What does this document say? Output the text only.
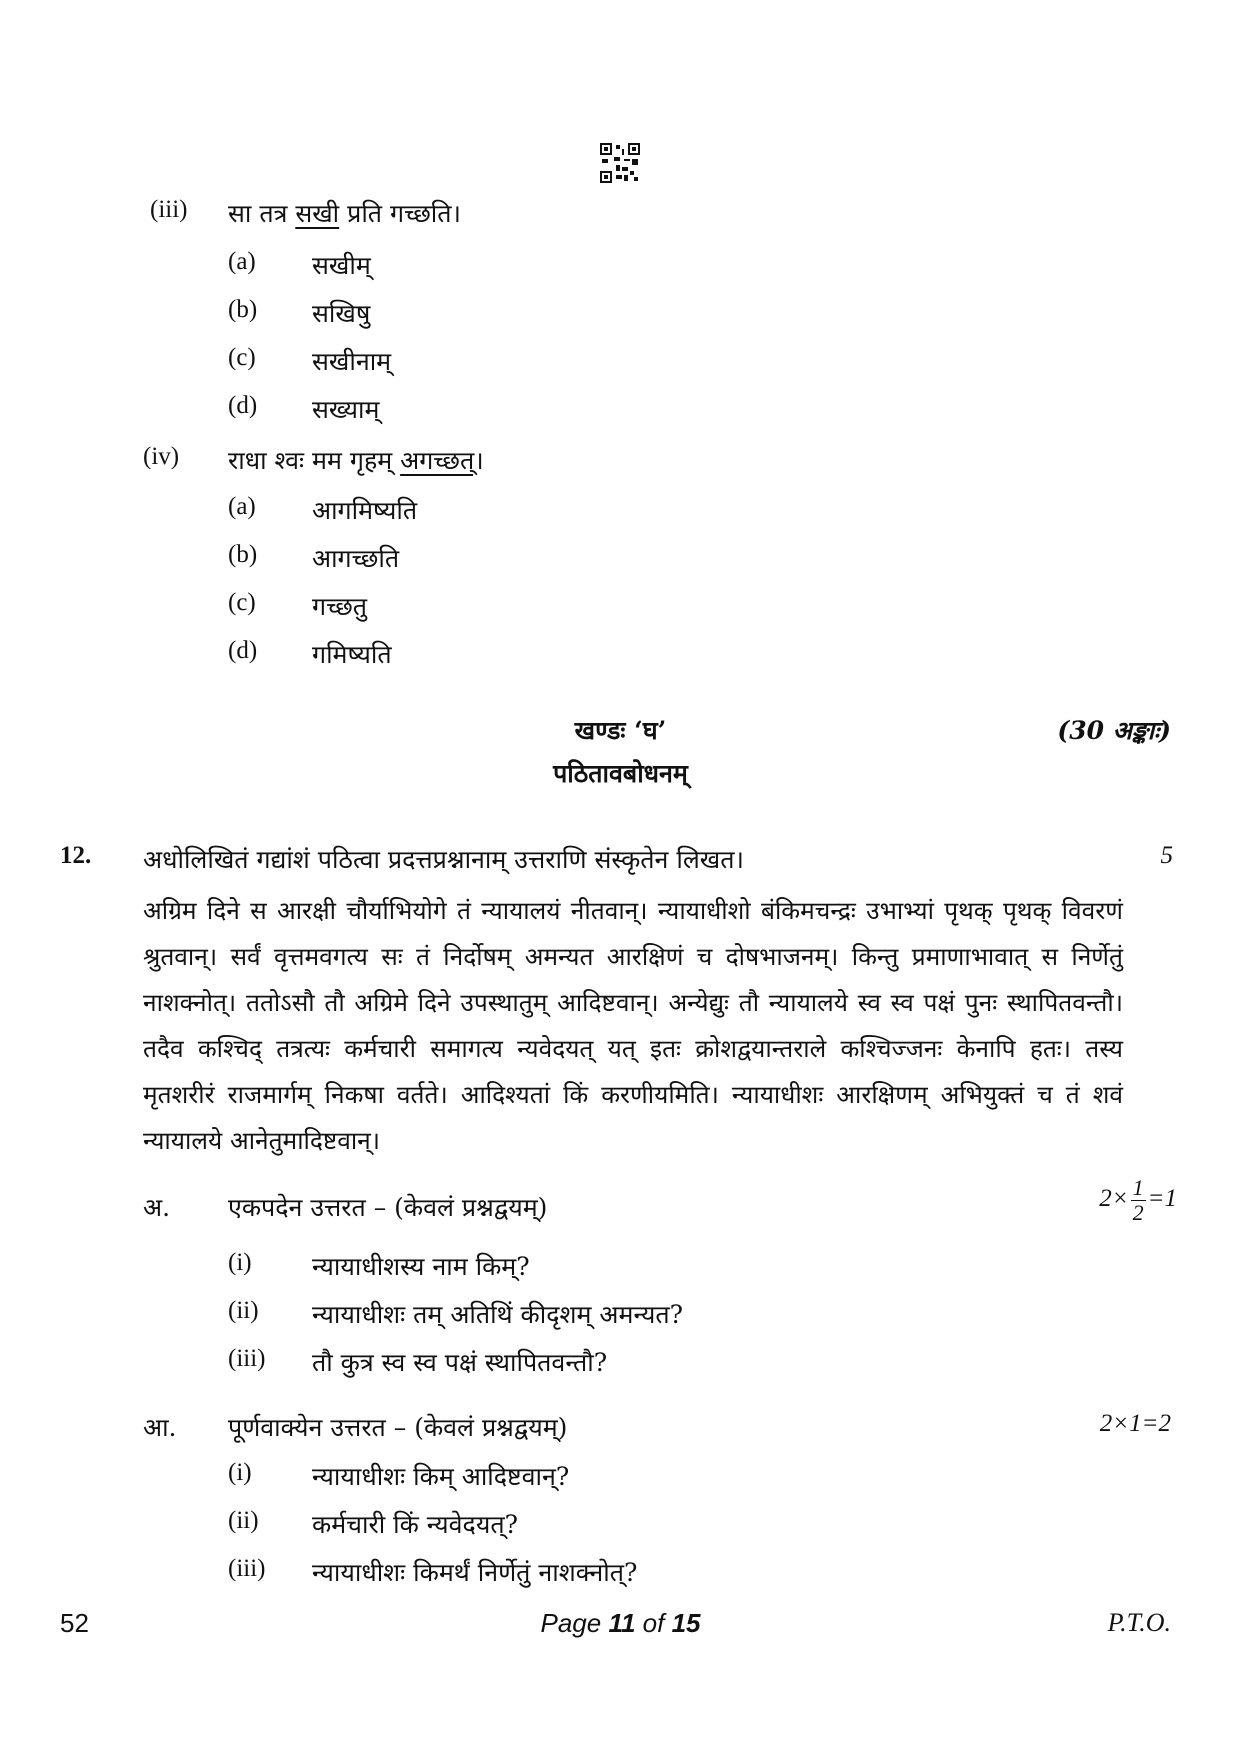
(iii) सा तत्र सखी प्रति गच्छति।
(a) सखीम्
(b) सखिषु
(c) सखीनाम्
(d) सख्याम्
(iv) राधा श्वः मम गृहम् अगच्छत्।
(a) आगमिष्यति
(b) आगच्छति
(c) गच्छतु
(d) गमिष्यति
खण्डः ‘घ’	(30 अङ्काः)
पठितावबोधनम्
12. अधोलिखितं गद्यांशं पठित्वा प्रदत्तप्रश्नानाम् उत्तराणि संस्कृतेन लिखत।	5
अग्रिम दिने स आरक्षी चौर्याभियोगे तं न्यायालयं नीतवान्। न्यायाधीशो बंकिमचन्द्रः उभाभ्यां पृथक् पृथक् विवरणं श्रुतवान्। सर्वं वृत्तमवगत्य सः तं निर्दोषम् अमन्यत आरक्षिणं च दोषभाजनम्। किन्तु प्रमाणाभावात् स निर्णेतुं नाशक्नोत्। ततोऽसौ तौ अग्रिमे दिने उपस्थातुम् आदिष्टवान्। अन्येद्युः तौ न्यायालये स्व स्व पक्षं पुनः स्थापितवन्तौ। तदैव कश्चिद् तत्रत्यः कर्मचारी समागत्य न्यवेदयत् यत् इतः क्रोशद्वयान्तराले कश्चिज्जनः केनापि हतः। तस्य मृतशरीरं राजमार्गम् निकषा वर्तते। आदिश्यतां किं करणीयमिति। न्यायाधीशः आरक्षिणम् अभियुक्तं च तं शवं न्यायालये आनेतुमादिष्टवान्।
अ. एकपदेन उत्तरत – (केवलं प्रश्नद्वयम्)	$2\times \frac{1}{2} =1$
(i) न्यायाधीशस्य नाम किम्?
(ii) न्यायाधीशः तम् अतिथिं कीदृशम् अमन्यत?
(iii) तौ कुत्र स्व स्व पक्षं स्थापितवन्तौ?
आ. पूर्णवाक्येन उत्तरत – (केवलं प्रश्नद्वयम्)	2×1=2
(i) न्यायाधीशः किम् आदिष्टवान्?
(ii) कर्मचारी किं न्यवेदयत्?
(iii) न्यायाधीशः किमर्थं निर्णेतुं नाशक्नोत्?
52	Page 11 of 15	P.T.O.
